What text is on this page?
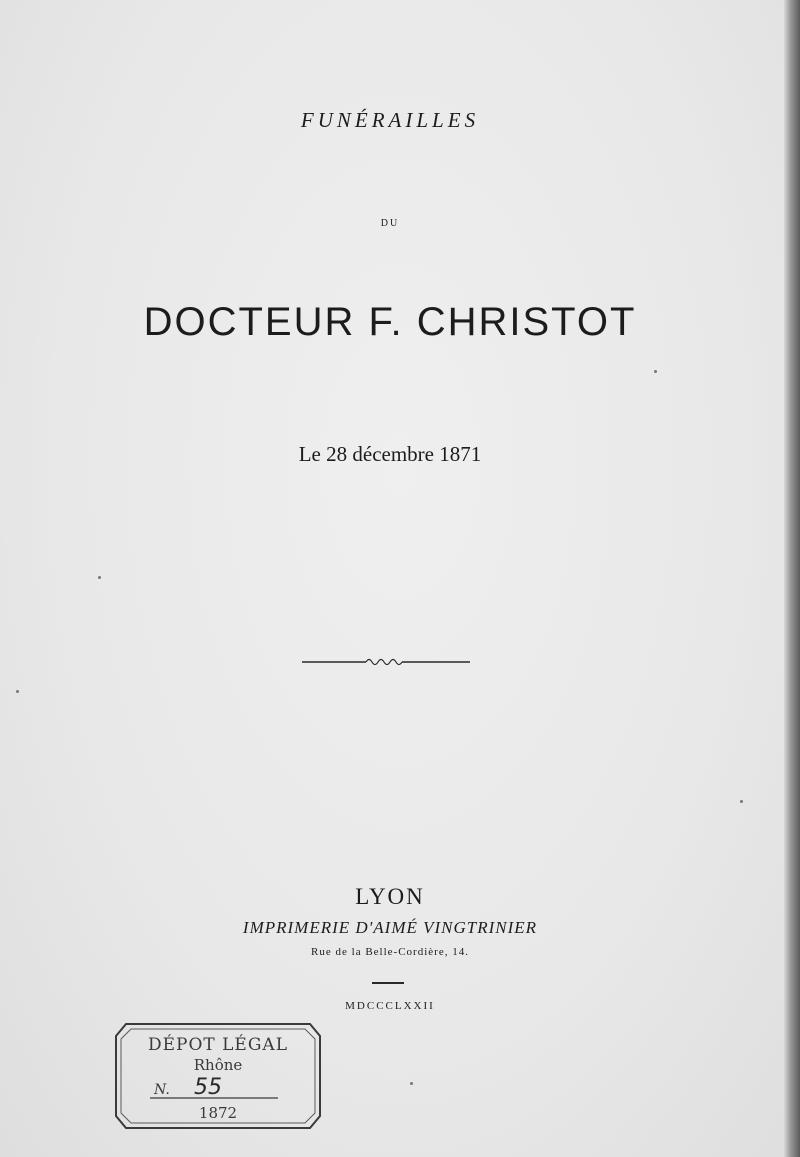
FUNÉRAILLES
DU
DOCTEUR F. CHRISTOT
Le 28 décembre 1871
LYON
IMPRIMERIE D'AIMÉ VINGTRINIER
Rue de la Belle-Cordière, 14.
MDCCCLXXII
DÉPOT LÉGAL
Rhône
N. 55
1872
